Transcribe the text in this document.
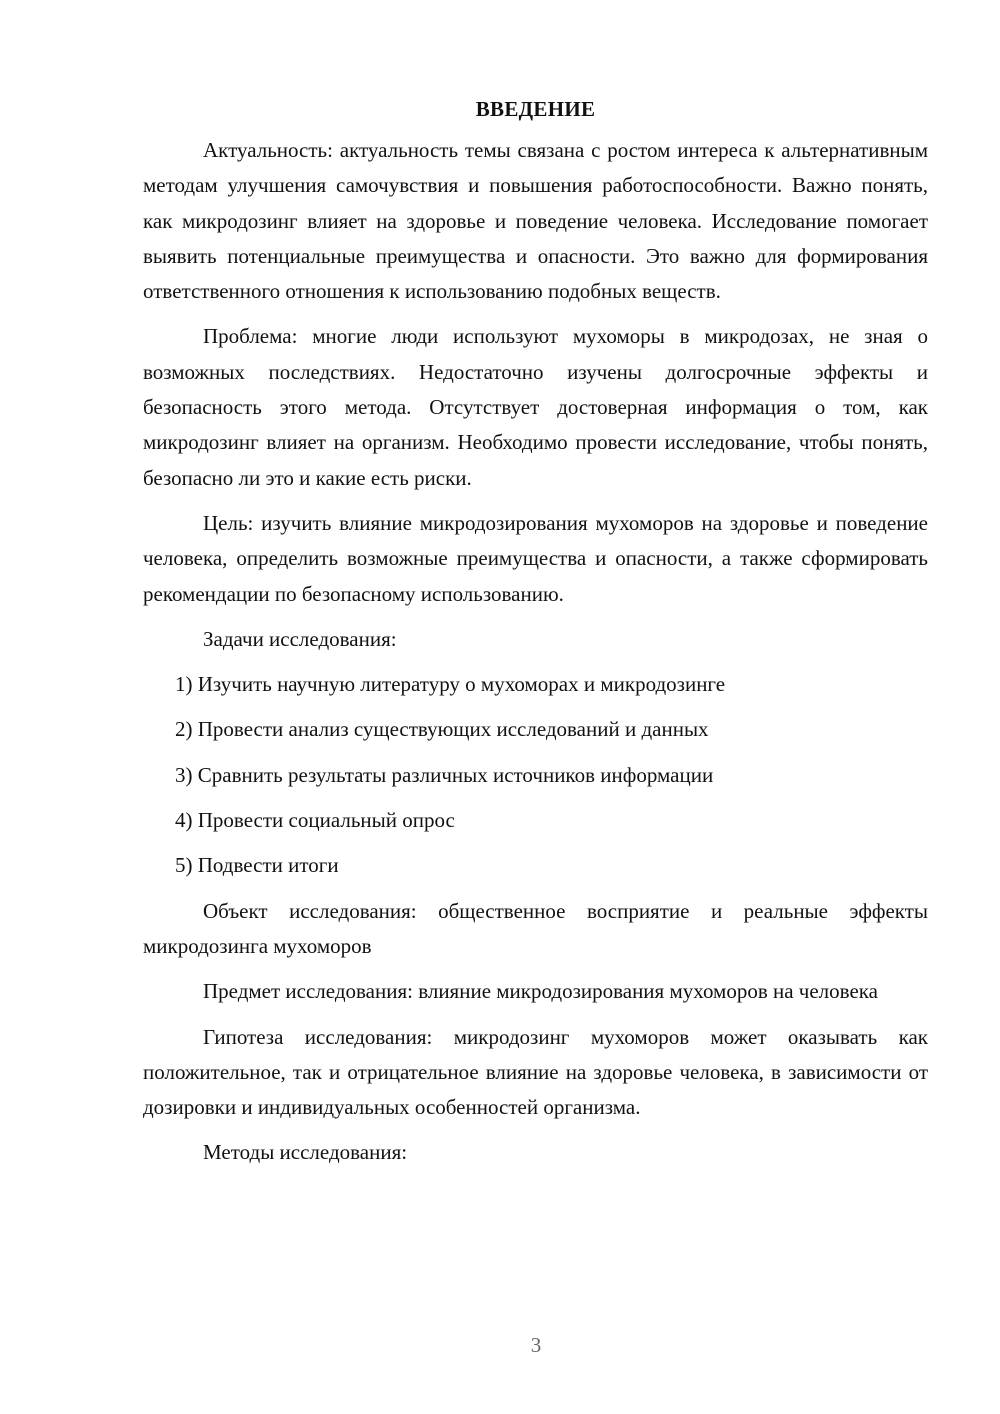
ВВЕДЕНИЕ

Актуальность: актуальность темы связана с ростом интереса к альтернативным методам улучшения самочувствия и повышения работоспособности. Важно понять, как микродозинг влияет на здоровье и поведение человека. Исследование помогает выявить потенциальные преимущества и опасности. Это важно для формирования ответственного отношения к использованию подобных веществ.

Проблема: многие люди используют мухоморы в микродозах, не зная о возможных последствиях. Недостаточно изучены долгосрочные эффекты и безопасность этого метода. Отсутствует достоверная информация о том, как микродозинг влияет на организм. Необходимо провести исследование, чтобы понять, безопасно ли это и какие есть риски.

Цель: изучить влияние микродозирования мухоморов на здоровье и поведение человека, определить возможные преимущества и опасности, а также сформировать рекомендации по безопасному использованию.

Задачи исследования:

1) Изучить научную литературу о мухоморах и микродозинге
2) Провести анализ существующих исследований и данных
3) Сравнить результаты различных источников информации
4) Провести социальный опрос
5) Подвести итоги

Объект исследования: общественное восприятие и реальные эффекты микродозинга мухоморов

Предмет исследования: влияние микродозирования мухоморов на человека

Гипотеза исследования: микродозинг мухоморов может оказывать как положительное, так и отрицательное влияние на здоровье человека, в зависимости от дозировки и индивидуальных особенностей организма.

Методы исследования:

3
